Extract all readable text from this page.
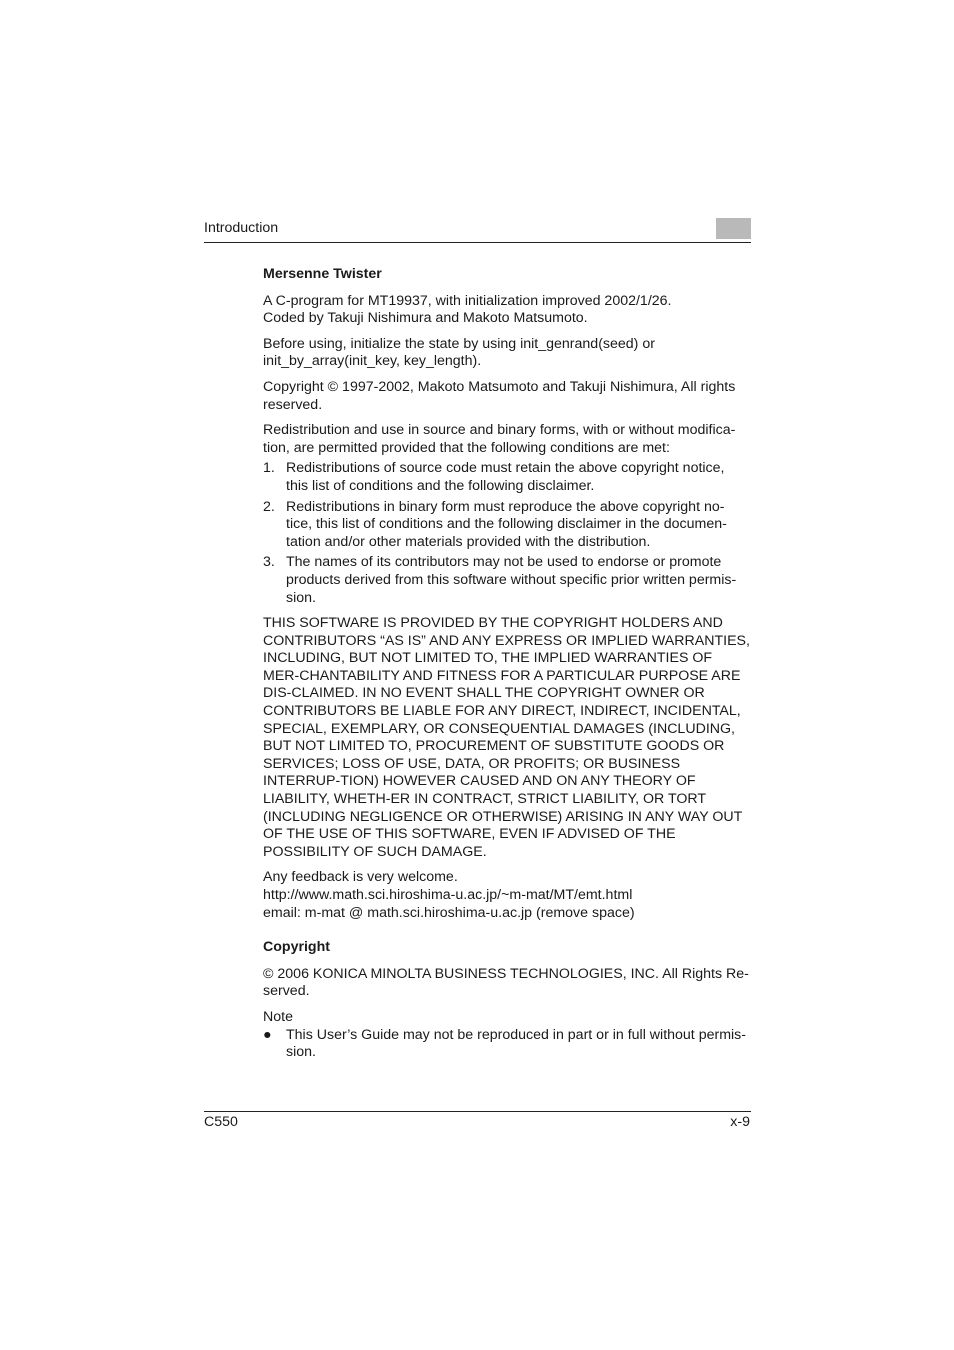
Introduction
Mersenne Twister

A C-program for MT19937, with initialization improved 2002/1/26.

Coded by Takuji Nishimura and Makoto Matsumoto.

Before using, initialize the state by using init_genrand(seed) or init_by_array(init_key, key_length).

Copyright © 1997-2002, Makoto Matsumoto and Takuji Nishimura, All rights reserved.

Redistribution and use in source and binary forms, with or without modifica-tion, are permitted provided that the following conditions are met:

1. Redistributions of source code must retain the above copyright notice, this list of conditions and the following disclaimer.
2. Redistributions in binary form must reproduce the above copyright no-tice, this list of conditions and the following disclaimer in the documen-tation and/or other materials provided with the distribution.
3. The names of its contributors may not be used to endorse or promote products derived from this software without specific prior written permis-sion.

THIS SOFTWARE IS PROVIDED BY THE COPYRIGHT HOLDERS AND CONTRIBUTORS “AS IS” AND ANY EXPRESS OR IMPLIED WARRANTIES, INCLUDING, BUT NOT LIMITED TO, THE IMPLIED WARRANTIES OF MER-CHANTABILITY AND FITNESS FOR A PARTICULAR PURPOSE ARE DIS-CLAIMED. IN NO EVENT SHALL THE COPYRIGHT OWNER OR CONTRIBUTORS BE LIABLE FOR ANY DIRECT, INDIRECT, INCIDENTAL, SPECIAL, EXEMPLARY, OR CONSEQUENTIAL DAMAGES (INCLUDING, BUT NOT LIMITED TO, PROCUREMENT OF SUBSTITUTE GOODS OR SERVICES; LOSS OF USE, DATA, OR PROFITS; OR BUSINESS INTERRUP-TION) HOWEVER CAUSED AND ON ANY THEORY OF LIABILITY, WHETH-ER IN CONTRACT, STRICT LIABILITY, OR TORT (INCLUDING NEGLIGENCE OR OTHERWISE) ARISING IN ANY WAY OUT OF THE USE OF THIS SOFTWARE, EVEN IF ADVISED OF THE POSSIBILITY OF SUCH DAMAGE.

Any feedback is very welcome.

http://www.math.sci.hiroshima-u.ac.jp/~m-mat/MT/emt.html

email: m-mat @ math.sci.hiroshima-u.ac.jp (remove space)

Copyright

© 2006 KONICA MINOLTA BUSINESS TECHNOLOGIES, INC. All Rights Re-served.

Note

● This User’s Guide may not be reproduced in part or in full without permis-sion.
C550	x-9
